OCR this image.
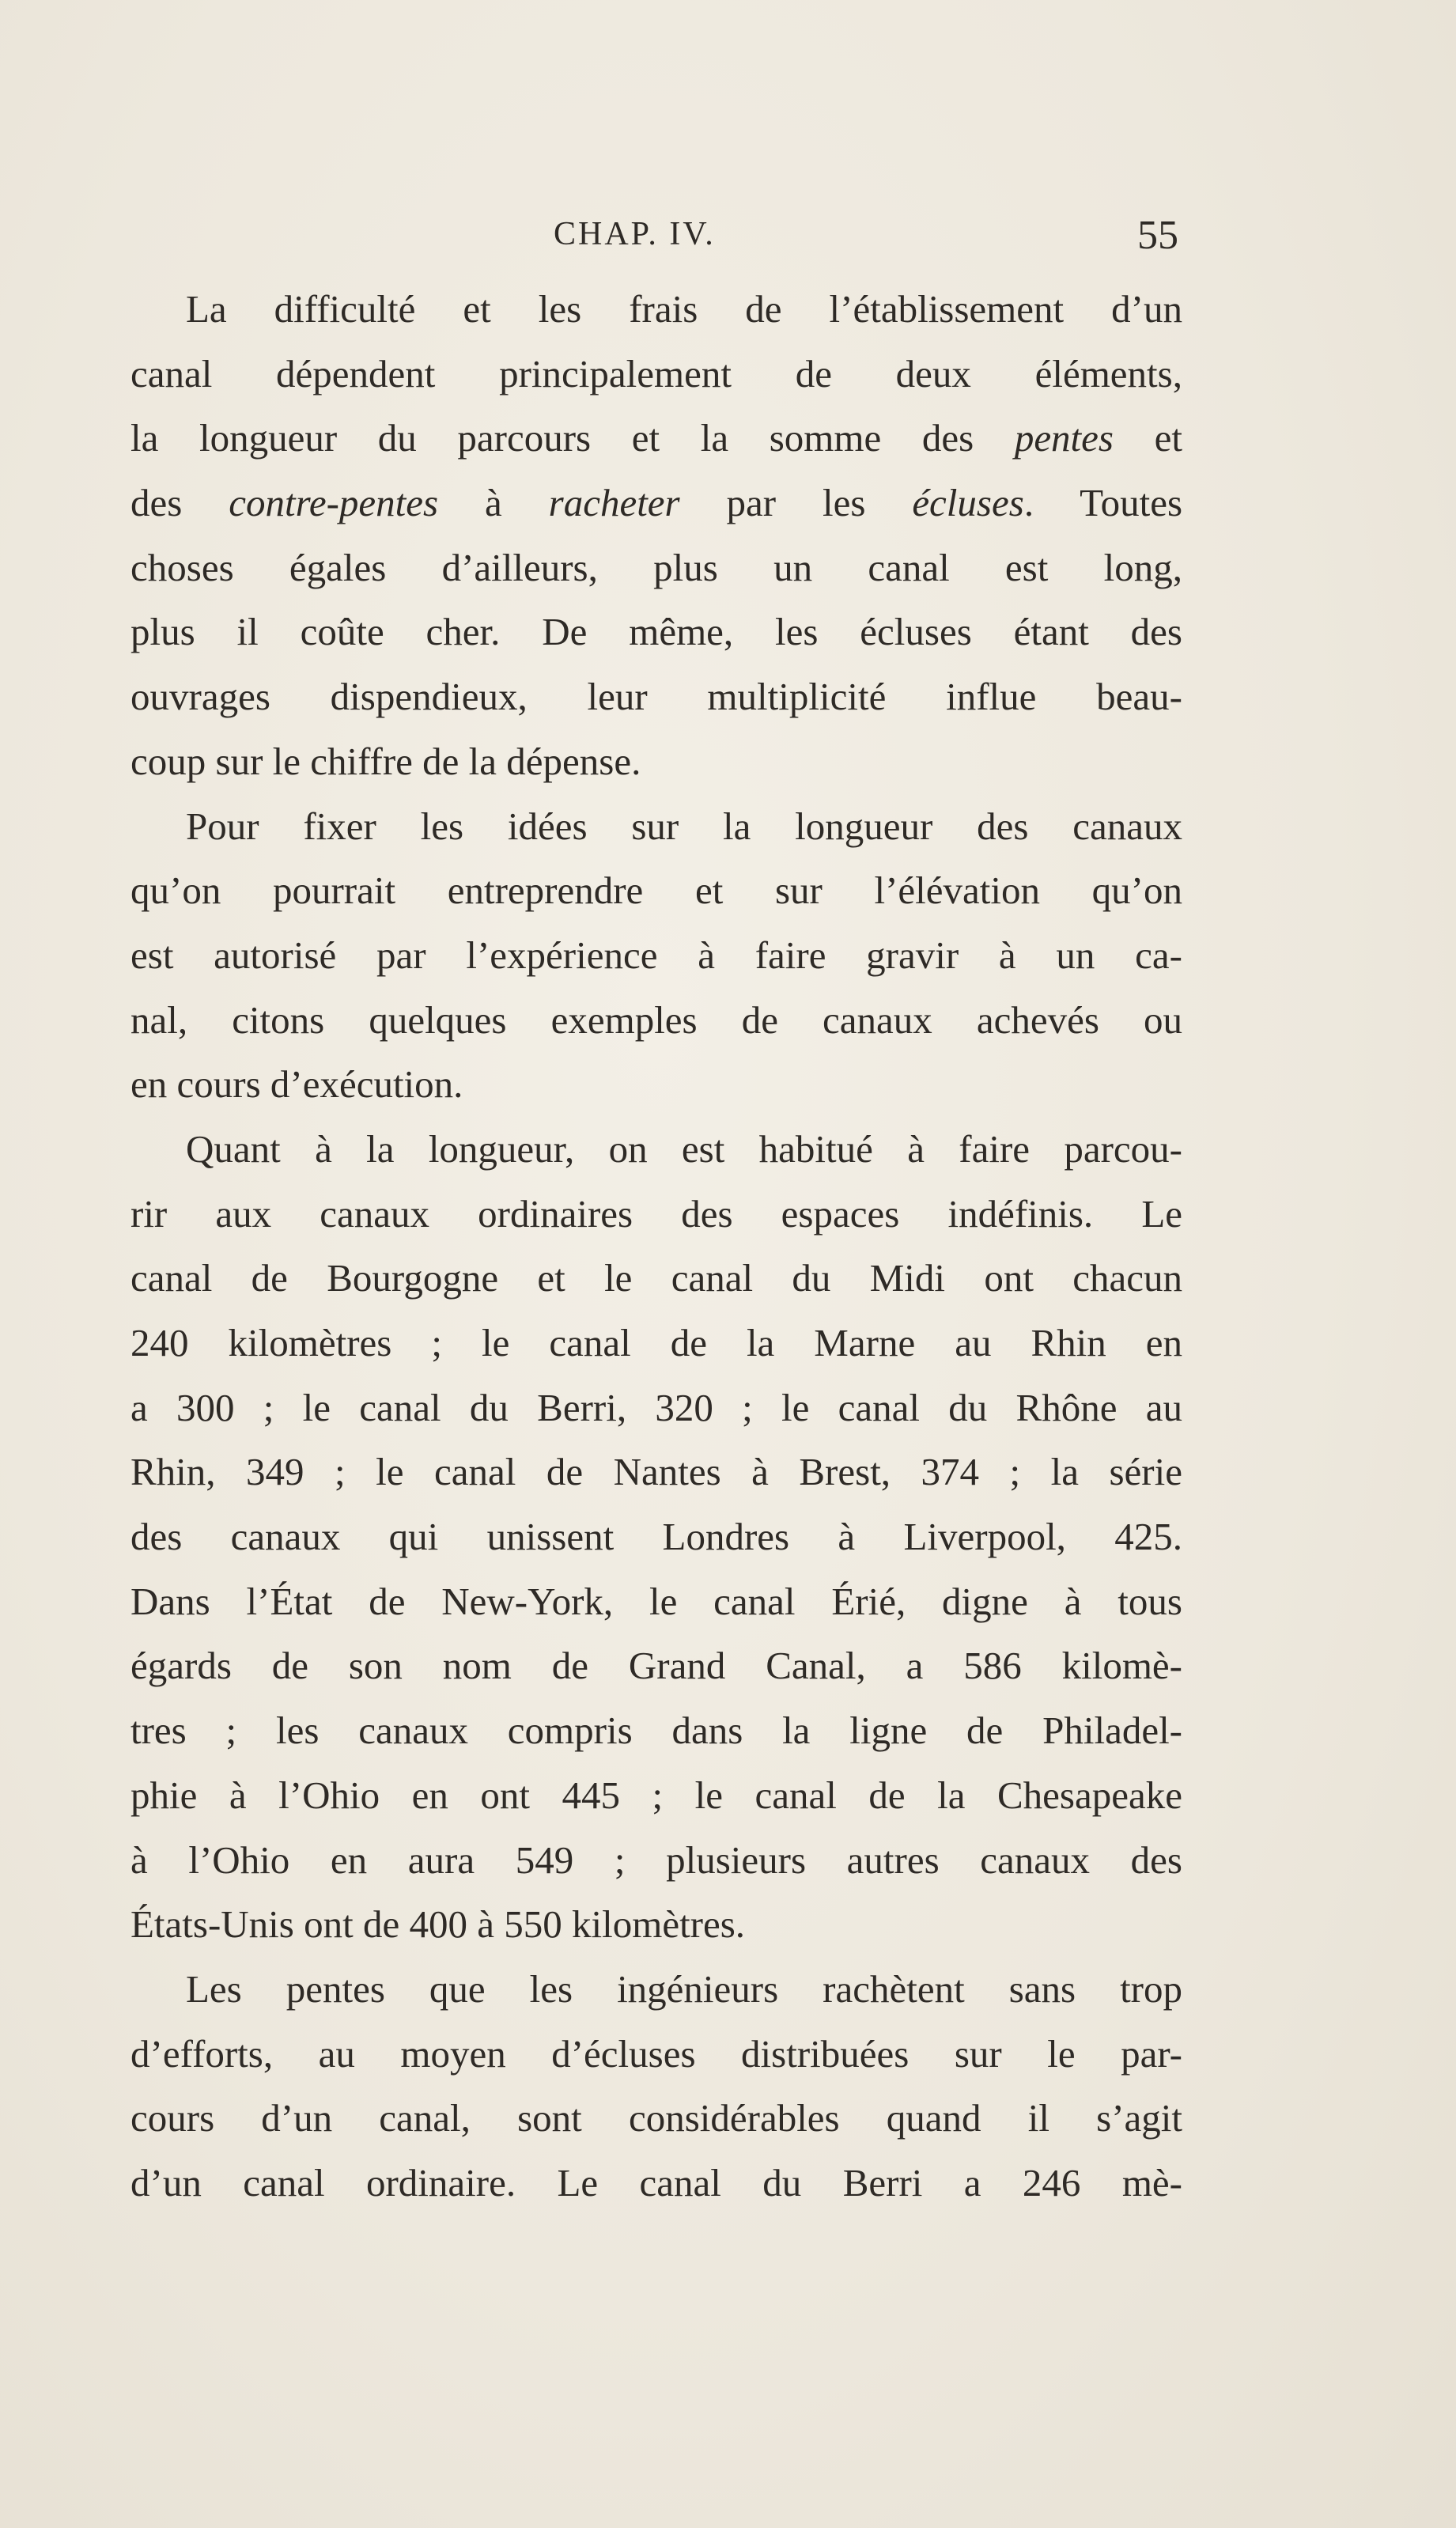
CHAP. IV.	55
La difficulté et les frais de l’établissement d’un
canal dépendent principalement de deux éléments,
la longueur du parcours et la somme des pentes et
des contre-pentes à racheter par les écluses. Toutes
choses égales d’ailleurs, plus un canal est long,
plus il coûte cher. De même, les écluses étant des
ouvrages dispendieux, leur multiplicité influe beau-
coup sur le chiffre de la dépense.
Pour fixer les idées sur la longueur des canaux
qu’on pourrait entreprendre et sur l’élévation qu’on
est autorisé par l’expérience à faire gravir à un ca-
nal, citons quelques exemples de canaux achevés ou
en cours d’exécution.
Quant à la longueur, on est habitué à faire parcou-
rir aux canaux ordinaires des espaces indéfinis. Le
canal de Bourgogne et le canal du Midi ont chacun
240 kilomètres ; le canal de la Marne au Rhin en
a 300 ; le canal du Berri, 320 ; le canal du Rhône au
Rhin, 349 ; le canal de Nantes à Brest, 374 ; la série
des canaux qui unissent Londres à Liverpool, 425.
Dans l’État de New-York, le canal Érié, digne à tous
égards de son nom de Grand Canal, a 586 kilomè-
tres ; les canaux compris dans la ligne de Philadel-
phie à l’Ohio en ont 445 ; le canal de la Chesapeake
à l’Ohio en aura 549 ; plusieurs autres canaux des
États-Unis ont de 400 à 550 kilomètres.
Les pentes que les ingénieurs rachètent sans trop
d’efforts, au moyen d’écluses distribuées sur le par-
cours d’un canal, sont considérables quand il s’agit
d’un canal ordinaire. Le canal du Berri a 246 mè-
